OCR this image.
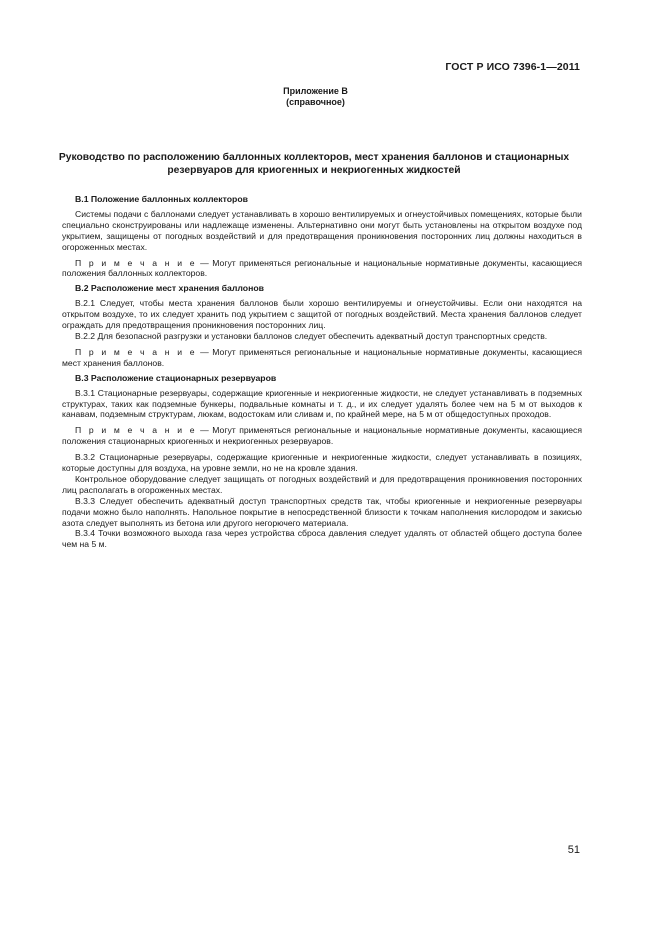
ГОСТ Р ИСО 7396-1—2011
Приложение В
(справочное)
Руководство по расположению баллонных коллекторов, мест хранения баллонов и стационарных резервуаров для криогенных и некриогенных жидкостей
В.1 Положение баллонных коллекторов

Системы подачи с баллонами следует устанавливать в хорошо вентилируемых и огнеустойчивых помещениях, которые были специально сконструированы или надлежаще изменены. Альтернативно они могут быть установлены на открытом воздухе под укрытием, защищены от погодных воздействий и для предотвращения проникновения посторонних лиц должны находиться в огороженных местах.

П р и м е ч а н и е — Могут применяться региональные и национальные нормативные документы, касающиеся положения баллонных коллекторов.

В.2 Расположение мест хранения баллонов

В.2.1 Следует, чтобы места хранения баллонов были хорошо вентилируемы и огнеустойчивы. Если они находятся на открытом воздухе, то их следует хранить под укрытием с защитой от погодных воздействий. Места хранения баллонов следует ограждать для предотвращения проникновения посторонних лиц.

В.2.2 Для безопасной разгрузки и установки баллонов следует обеспечить адекватный доступ транспортных средств.

П р и м е ч а н и е — Могут применяться региональные и национальные нормативные документы, касающиеся мест хранения баллонов.

В.3 Расположение стационарных резервуаров

В.3.1 Стационарные резервуары, содержащие криогенные и некриогенные жидкости, не следует устанавливать в подземных структурах, таких как подземные бункеры, подвальные комнаты и т. д., и их следует удалять более чем на 5 м от выходов к канавам, подземным структурам, люкам, водостокам или сливам и, по крайней мере, на 5 м от общедоступных проходов.

П р и м е ч а н и е — Могут применяться региональные и национальные нормативные документы, касающиеся положения стационарных криогенных и некриогенных резервуаров.

В.3.2 Стационарные резервуары, содержащие криогенные и некриогенные жидкости, следует устанавливать в позициях, которые доступны для воздуха, на уровне земли, но не на кровле здания.

Контрольное оборудование следует защищать от погодных воздействий и для предотвращения проникновения посторонних лиц располагать в огороженных местах.

В.3.3 Следует обеспечить адекватный доступ транспортных средств так, чтобы криогенные и некриогенные резервуары подачи можно было наполнять. Напольное покрытие в непосредственной близости к точкам наполнения кислородом и закисью азота следует выполнять из бетона или другого негорючего материала.

В.3.4 Точки возможного выхода газа через устройства сброса давления следует удалять от областей общего доступа более чем на 5 м.

51
